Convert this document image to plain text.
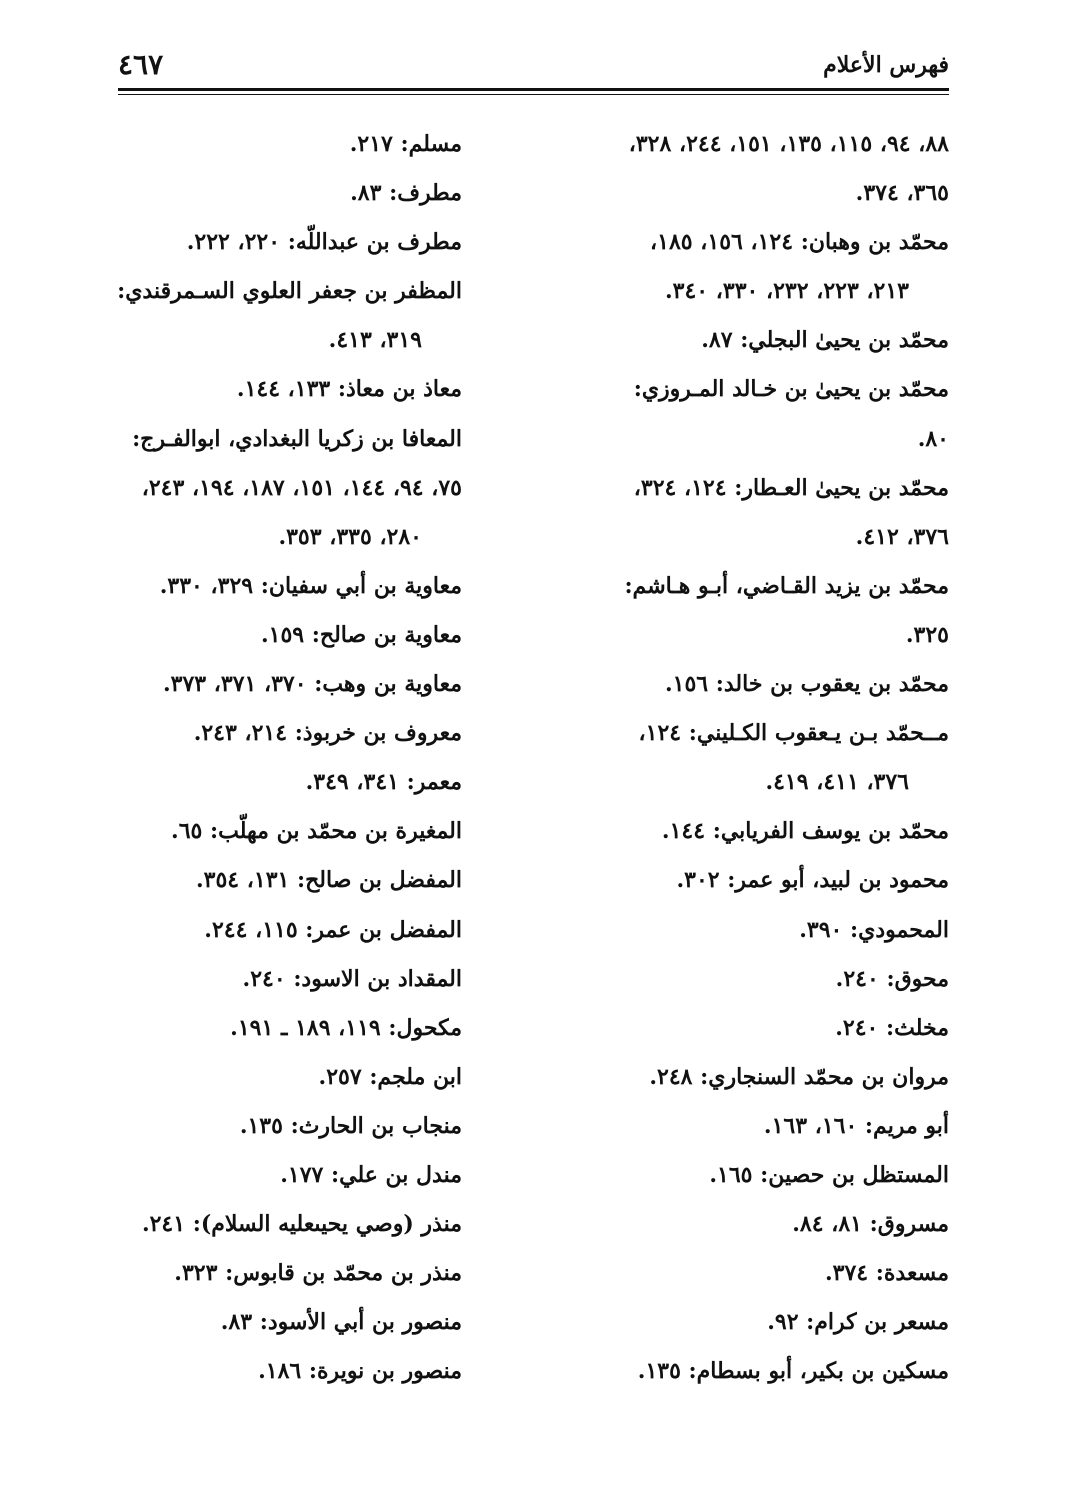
فهرس الأعلام
٤٦٧
٨٨، ٩٤، ١١٥، ١٣٥، ١٥١، ٢٤٤، ٣٢٨،
٣٦٥، ٣٧٤.
محمّد بن وهبان: ١٢٤، ١٥٦، ١٨٥،
٢١٣، ٢٢٣، ٢٣٢، ٣٣٠، ٣٤٠.
محمّد بن يحيىٰ البجلي: ٨٧.
محمّد بن يحيىٰ بن خـالد المـروزي:
٨٠.
محمّد بن يحيىٰ العـطار: ١٢٤، ٣٢٤،
٣٧٦، ٤١٢.
محمّد بن يزيد القـاضي، أبـو هـاشم:
٣٢٥.
محمّد بن يعقوب بن خالد: ١٥٦.
مــحمّد بـن يـعقوب الكـليني: ١٢٤،
٣٧٦، ٤١١، ٤١٩.
محمّد بن يوسف الفريابي: ١٤٤.
محمود بن لبيد، أبو عمر: ٣٠٢.
المحمودي: ٣٩٠.
محوق: ٢٤٠.
مخلث: ٢٤٠.
مروان بن محمّد السنجاري: ٢٤٨.
أبو مريم: ١٦٠، ١٦٣.
المستظل بن حصين: ١٦٥.
مسروق: ٨١، ٨٤.
مسعدة: ٣٧٤.
مسعر بن كرام: ٩٢.
مسكين بن بكير، أبو بسطام: ١٣٥.
مسلم: ٢١٧.
مطرف: ٨٣.
مطرف بن عبداللّه: ٢٢٠، ٢٢٢.
المظفر بن جعفر العلوي السـمرقندي:
٣١٩، ٤١٣.
معاذ بن معاذ: ١٣٣، ١٤٤.
المعافا بن زكريا البغدادي، ابوالفـرج:
٧٥، ٩٤، ١٤٤، ١٥١، ١٨٧، ١٩٤، ٢٤٣،
٢٨٠، ٣٣٥، ٣٥٣.
معاوية بن أبي سفيان: ٣٢٩، ٣٣٠.
معاوية بن صالح: ١٥٩.
معاوية بن وهب: ٣٧٠، ٣٧١، ٣٧٣.
معروف بن خربوذ: ٢١٤، ٢٤٣.
معمر: ٣٤١، ٣٤٩.
المغيرة بن محمّد بن مهلّب: ٦٥.
المفضل بن صالح: ١٣١، ٣٥٤.
المفضل بن عمر: ١١٥، ٢٤٤.
المقداد بن الاسود: ٢٤٠.
مكحول: ١١٩، ١٨٩ ـ ١٩١.
ابن ملجم: ٢٥٧.
منجاب بن الحارث: ١٣٥.
مندل بن علي: ١٧٧.
منذر (وصي يحيىعليه السلام): ٢٤١.
منذر بن محمّد بن قابوس: ٣٢٣.
منصور بن أبي الأسود: ٨٣.
منصور بن نويرة: ١٨٦.
